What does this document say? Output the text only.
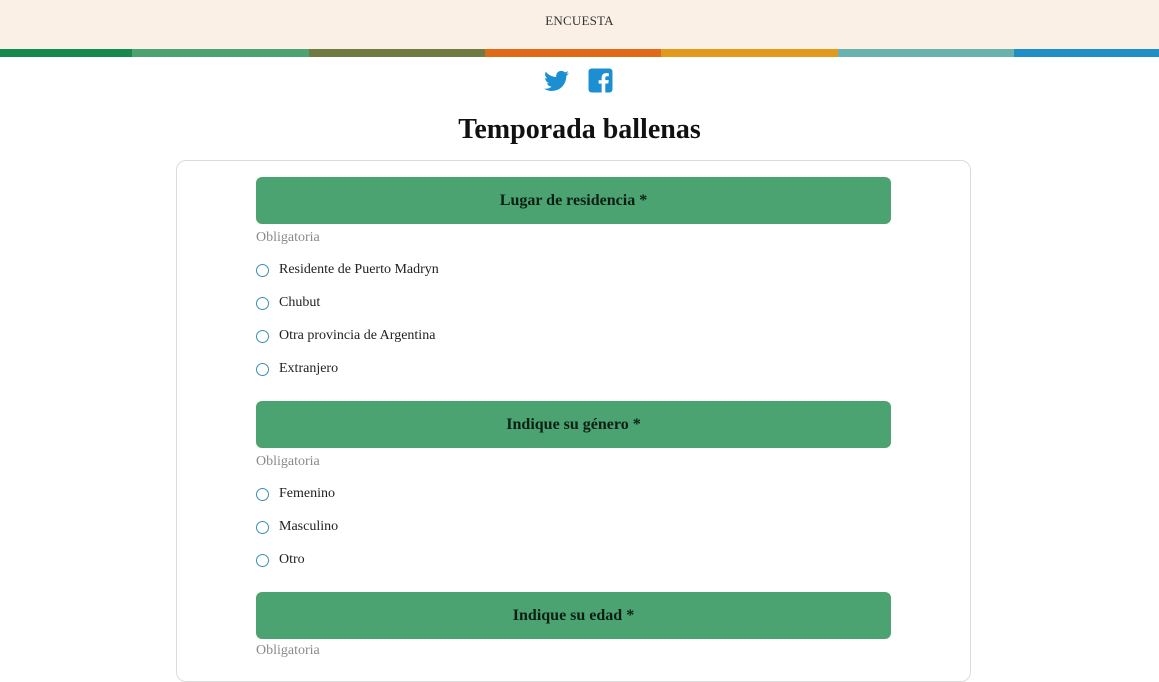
ENCUESTA
Temporada ballenas
Lugar de residencia *
Obligatoria
Residente de Puerto Madryn
Chubut
Otra provincia de Argentina
Extranjero
Indique su género *
Obligatoria
Femenino
Masculino
Otro
Indique su edad *
Obligatoria
